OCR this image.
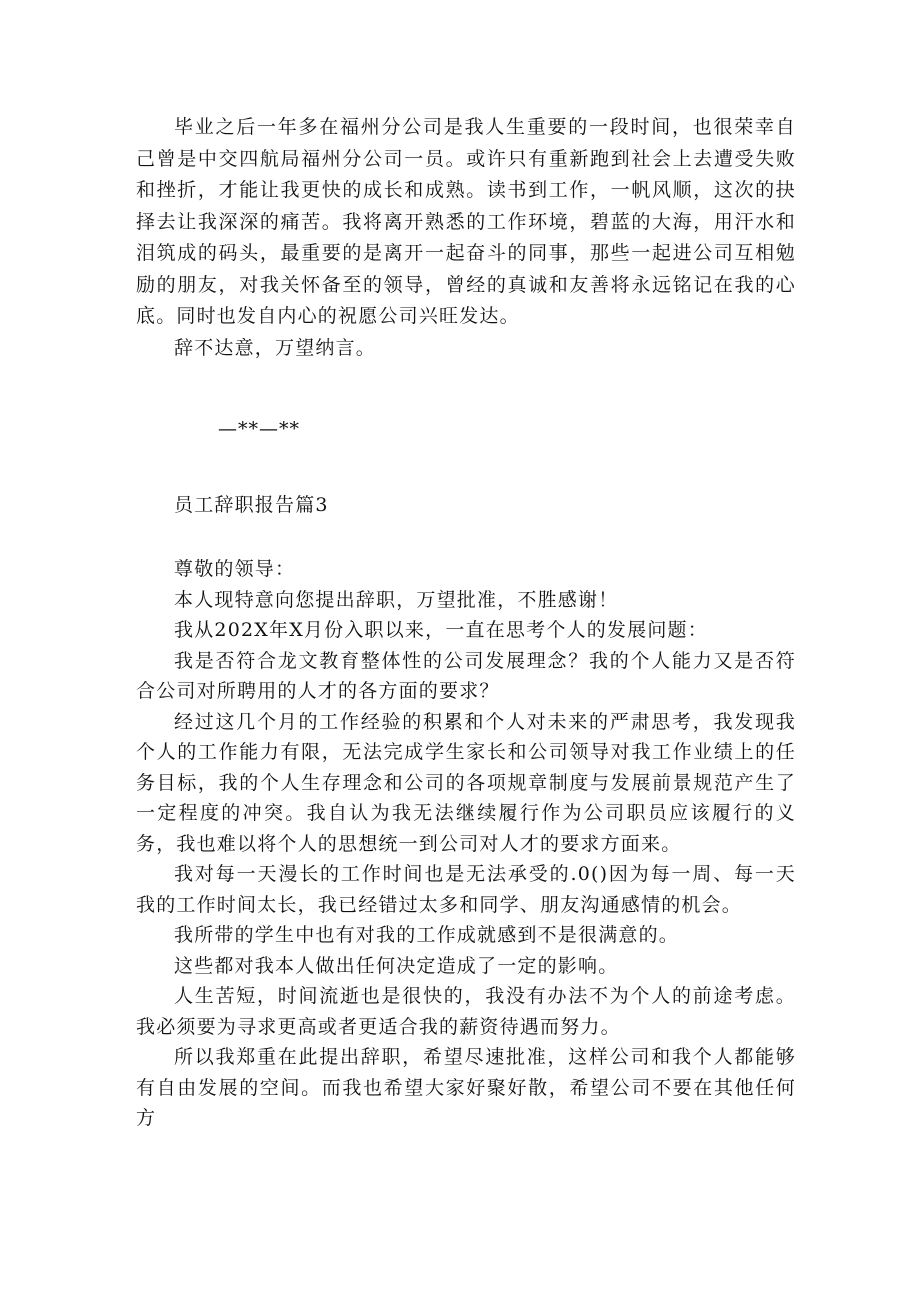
毕业之后一年多在福州分公司是我人生重要的一段时间，也很荣幸自己曾是中交四航局福州分公司一员。或许只有重新跑到社会上去遭受失败和挫折，才能让我更快的成长和成熟。读书到工作，一帆风顺，这次的抉择去让我深深的痛苦。我将离开熟悉的工作环境，碧蓝的大海，用汗水和泪筑成的码头，最重要的是离开一起奋斗的同事，那些一起进公司互相勉励的朋友，对我关怀备至的领导，曾经的真诚和友善将永远铭记在我的心底。同时也发自内心的祝愿公司兴旺发达。

辞不达意，万望纳言。

—**—**
员工辞职报告篇3

尊敬的领导：

本人现特意向您提出辞职，万望批准，不胜感谢！

我从202X年X月份入职以来，一直在思考个人的发展问题：

我是否符合龙文教育整体性的公司发展理念？我的个人能力又是否符合公司对所聘用的人才的各方面的要求？

经过这几个月的工作经验的积累和个人对未来的严肃思考，我发现我个人的工作能力有限，无法完成学生家长和公司领导对我工作业绩上的任务目标，我的个人生存理念和公司的各项规章制度与发展前景规范产生了一定程度的冲突。我自认为我无法继续履行作为公司职员应该履行的义务，我也难以将个人的思想统一到公司对人才的要求方面来。

我对每一天漫长的工作时间也是无法承受的.0()因为每一周、每一天我的工作时间太长，我已经错过太多和同学、朋友沟通感情的机会。

我所带的学生中也有对我的工作成就感到不是很满意的。

这些都对我本人做出任何决定造成了一定的影响。

人生苦短，时间流逝也是很快的，我没有办法不为个人的前途考虑。我必须要为寻求更高或者更适合我的薪资待遇而努力。

所以我郑重在此提出辞职，希望尽速批准，这样公司和我个人都能够有自由发展的空间。而我也希望大家好聚好散，希望公司不要在其他任何方
